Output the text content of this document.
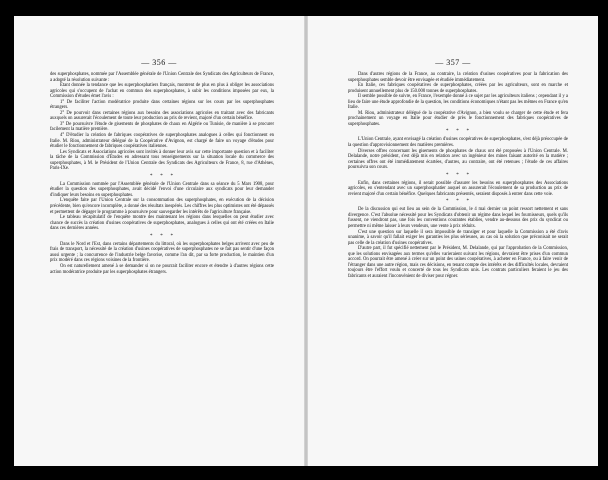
— 356 —

des superphosphates, nommée par l'Assemblée générale de l'Union Centrale des Syndicats des Agriculteurs de France, a adopté la résolution suivante :

Étant donnée la tendance que les superphosphatiers français, montrent de plus en plus à obliger les associations agricoles qui s'occupent de l'achat en commun des superphosphates, à subir les conditions imposées par eux, la Commission d'études émet l'avis :

1° De faciliter l'action modératrice produite dans certaines régions sur les cours par les superphosphates étrangers.

2° De pourvoir dans certaines régions aux besoins des associations agricoles en traitant avec des fabricants auxquels on assurerait l'écoulement de toute leur production au prix de revient, majoré d'un certain bénéfice.

3° De poursuivre l'étude de gisements de phosphates de chaux en Algérie ou Tunisie, de manière à se procurer facilement la matière première.

4° D'étudier la création de fabriques coopératives de superphosphates analogues à celles qui fonctionnent en Italie. M. Riou, administrateur délégué de la Coopérative d'Avignon, est chargé de faire un voyage d'études pour étudier le fonctionnement de fabriques coopératives italiennes.

Les Syndicats et Associations agricoles sont invités à donner leur avis sur cette importante question et à faciliter la tâche de la Commission d'Études en adressant tous renseignements sur la situation locale du commerce des superphosphates, à M. le Président de l'Union Centrale des Syndicats des Agriculteurs de France, 8, rue d'Athènes, Paris-IXe.

*   *   *

La Commission nommée par l'Assemblée générale de l'Union Centrale dans sa séance du 5 Mars 1908, pour étudier la question des superphosphates, avait décidé l'envoi d'une circulaire aux syndicats pour leur demander d'indiquer leurs besoins en superphosphates.

L'enquête faite par l'Union Centrale sur la consommation des superphosphates, en exécution de la décision précédente, bien qu'encore incomplète, a donné des résultats inespérés. Les chiffres les plus optimistes ont été dépassés et permettent de dégager le programme à poursuivre pour sauvegarder les intérêts de l'agriculture française.

Le tableau récapitulatif de l'enquête montre des maintenant les régions dans lesquelles on peut étudier avec chance de succès la création d'usines coopératives de superphosphates, analogues à celles qui ont été créées en Italie dans ces dernières années.

*   *   *

Dans le Nord et l'Est, dans certains départements du littoral, où les superphosphates belges arrivent avec peu de frais de transport, la nécessité de la création d'usines coopératives de superphosphates ne se fait pas sentir d'une façon aussi urgente ; la concurrence de l'industrie belge favorise, comme l'an dit, par sa forte production, le maintien d'un prix modéré dans ces régions voisines de la frontière.

On est naturellement amené à se demander si on ne pourrait faciliter encore et étendre à d'autres régions cette action modératrice produite par les superphosphates étrangers.

— 357 —

Dans d'autres régions de la France, au contraire, la création d'usines coopératives pour la fabrication des superphosphates semble devoir être envisagée et étudiée immédiatement.

En Italie, ces fabriques coopératives de superphosphates, créées par les agriculteurs, sont en marche et produisent annuellement plus de 150.000 tonnes de superphosphates.

Il semble possible de suivre, en France, l'exemple donné à ce sujet par les agriculteurs italiens ; cependant il y a lieu de faire une étude approfondie de la question, les conditions économiques n'étant pas les mêmes en France qu'en Italie.

M. Riou, administrateur délégué de la coopérative d'Avignon, a bien voulu se charger de cette étude et fera prochainement un voyage en Italie pour étudier de près le fonctionnement des fabriques coopératives de superphosphates.

*   *   *

L'Union Centrale, ayant envisagé la création d'usines coopératives de superphosphates, s'est déjà préoccupée de la question d'approvisionnement des matières premières.

Diverses offres concernant les gisements de phosphates de chaux ont été proposées à l'Union Centrale. M. Delalande, notre président, s'est déjà mis en relation avec un ingénieur des mines faisant autorité en la matière ; certaines offres ont été immédiatement écartées, d'autres, au contraire, ont été retenues ; l'étude de ces affaires poursuivra son cours.

*   *   *

Enfin, dans certaines régions, il serait possible d'assurer les besoins en superphosphates des Associations agricoles, en s'entendant avec un superphosphatier auquel on assurerait l'écoulement de sa production au prix de revient majoré d'un certain bénéfice. Quelques fabricants présentés, seraient disposés à entrer dans cette voie.

*   *   *

De la discussion qui eut lieu au sein de la Commission, le 4 mai dernier un point ressort nettement et sans divergence. C'est l'absolue nécessité pour les Syndicats d'obtenir un régime dans lequel les fournisseurs, quels qu'ils fussent, ne viendront pas, une fois les conventions courantes établies, vendre au-dessous des prix du syndicat ou permettre ni même laisser à leurs vendeurs, une vente à prix réduits.

C'est une question sur laquelle il sera impossible de transiger et pour laquelle la Commission a été d'avis unanime, à savoir qu'il fallait exiger les garanties les plus sérieuses, au cas où la solution que préconisait ne serait pas celle de la création d'usines coopératives.

D'autre part, il fut spécifié nettement par le Président, M. Delalande, qui par l'approbation de la Commission, que les solutions envisagées aux termes qu'elles varieraient suivant les régions, devraient être prises d'un commun accord. On pourrait être amené à créer sur un point des usines coopératives, à acheter en France, ou à faire venir de l'étranger dans une autre région, mais ces décisions, en tenant compte des intérêts et des difficultés locales, devraient toujours être l'effort voulu et concerté de tous les Syndicats unis. Les contrats particuliers feraient le jeu des fabricants et auraient l'inconvénient de diviser pour régner.
